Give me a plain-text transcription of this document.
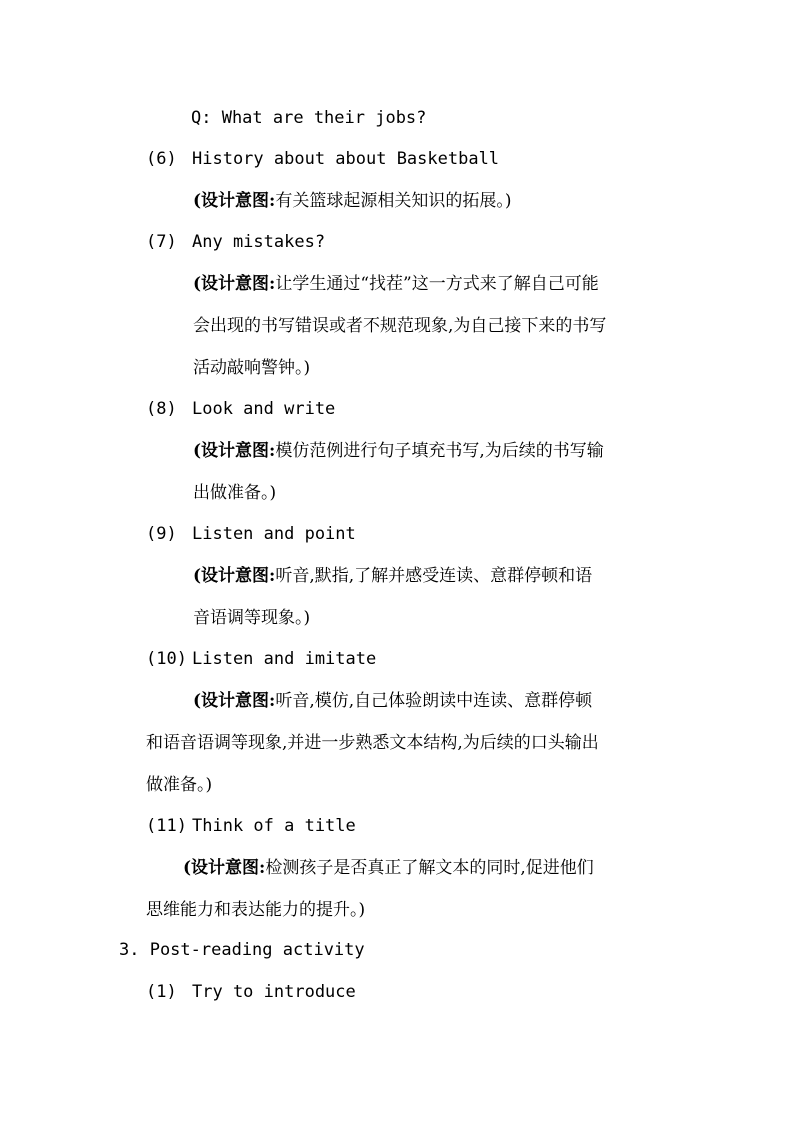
Q: What are their jobs?
(6) History about about Basketball
(设计意图:有关篮球起源相关知识的拓展。)
(7) Any mistakes?
(设计意图:让学生通过“找茬”这一方式来了解自己可能
会出现的书写错误或者不规范现象,为自己接下来的书写
活动敲响警钟。)
(8) Look and write
(设计意图:模仿范例进行句子填充书写,为后续的书写输
出做准备。)
(9) Listen and point
(设计意图:听音,默指,了解并感受连读、意群停顿和语
音语调等现象。)
(10) Listen and imitate
(设计意图:听音,模仿,自己体验朗读中连读、意群停顿
和语音语调等现象,并进一步熟悉文本结构,为后续的口头输出
做准备。)
(11) Think of a title
(设计意图:检测孩子是否真正了解文本的同时,促进他们
思维能力和表达能力的提升。)
3. Post-reading activity
(1) Try to introduce
